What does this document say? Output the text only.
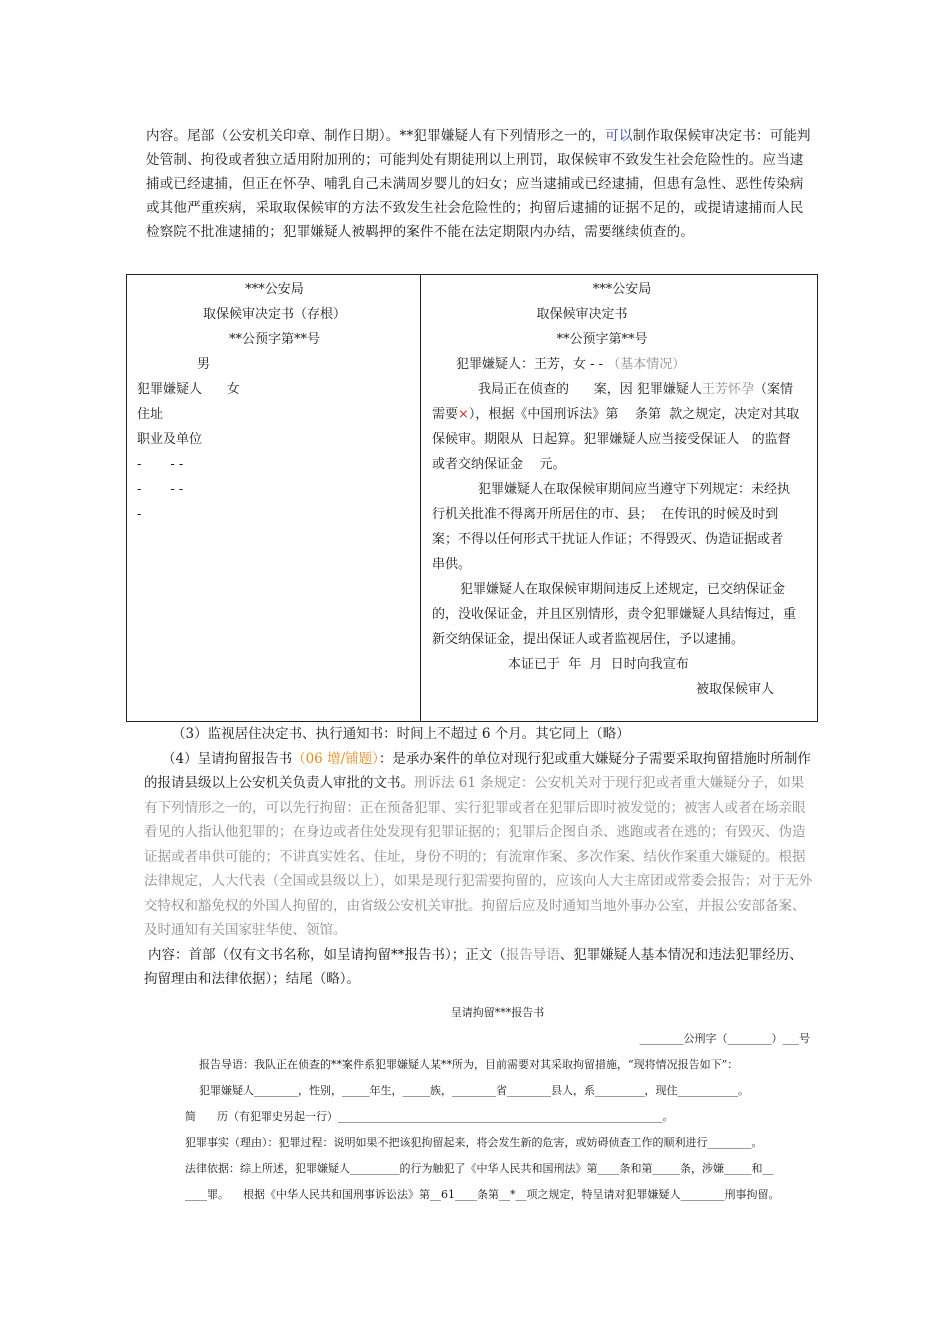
内容。尾部（公安机关印章、制作日期）。**犯罪嫌疑人有下列情形之一的，可以制作取保候审决定书：可能判处管制、拘役或者独立适用附加刑的；可能判处有期徒刑以上刑罚，取保候审不致发生社会危险性的。应当逮捕或已经逮捕，但正在怀孕、哺乳自己未满周岁婴儿的妇女；应当逮捕或已经逮捕，但患有急性、恶性传染病或其他严重疾病，采取取保候审的方法不致发生社会危险性的；拘留后逮捕的证据不足的，或提请逮捕而人民检察院不批准逮捕的；犯罪嫌疑人被羁押的案件不能在法定期限内办结，需要继续侦查的。

***公安局
取保候审决定书（存根）
**公预字第**号
男
犯罪嫌疑人      女
住址
职业及单位
-       - -
-       - -
-
***公安局
取保候审决定书
**公预字第**号
犯罪嫌疑人：王芳，女 - - （基本情况）
我局正在侦查的      案，因 犯罪嫌疑人王芳怀孕（案情
需要×），根据《中国刑诉法》第    条第  款之规定，决定对其取
保候审。期限从  日起算。犯罪嫌疑人应当接受保证人   的监督
或者交纳保证金    元。
犯罪嫌疑人在取保候审期间应当遵守下列规定：未经执
行机关批准不得离开所居住的市、县；  在传讯的时候及时到
案；不得以任何形式干扰证人作证；不得毁灭、伪造证据或者
串供。
犯罪嫌疑人在取保候审期间违反上述规定，已交纳保证金
的，没收保证金，并且区别情形，责令犯罪嫌疑人具结悔过，重
新交纳保证金，提出保证人或者监视居住，予以逮捕。
本证已于  年  月  日时向我宣布
被取保候审人

（3）监视居住决定书、执行通知书：时间上不超过 6 个月。其它同上（略）

（4）呈请拘留报告书（06 增/铺题）：是承办案件的单位对现行犯或重大嫌疑分子需要采取拘留措施时所制作的报请县级以上公安机关负责人审批的文书。刑诉法 61 条规定：公安机关对于现行犯或者重大嫌疑分子，如果有下列情形之一的，可以先行拘留：正在预备犯罪、实行犯罪或者在犯罪后即时被发觉的；被害人或者在场亲眼看见的人指认他犯罪的；在身边或者住处发现有犯罪证据的；犯罪后企图自杀、逃跑或者在逃的；有毁灭、伪造证据或者串供可能的；不讲真实姓名、住址，身份不明的；有流窜作案、多次作案、结伙作案重大嫌疑的。根据法律规定，人大代表（全国或县级以上），如果是现行犯需要拘留的，应该向人大主席团或常委会报告；对于无外交特权和豁免权的外国人拘留的，由省级公安机关审批。拘留后应及时通知当地外事办公室，并报公安部备案、及时通知有关国家驻华使、领馆。

内容：首部（仅有文书名称，如呈请拘留**报告书）；正文（报告导语、犯罪嫌疑人基本情况和违法犯罪经历、拘留理由和法律依据）；结尾（略）。

呈请拘留***报告书

________公刑字（________）___号

报告导语：我队正在侦查的**案件系犯罪嫌疑人某**所为，目前需要对其采取拘留措施，“现将情况报告如下”：

犯罪嫌疑人________，性别，_____年生，_____族，________省________县人，系_________，现住___________。

简      历（有犯罪史另起一行）___________________________________________________________。

犯罪事实（理由）：犯罪过程：说明如果不把该犯拘留起来，将会发生新的危害，或妨碍侦查工作的顺利进行________。

法律依据：综上所述，犯罪嫌疑人_________的行为触犯了《中华人民共和国刑法》第____条和第_____条，涉嫌_____和__

____罪。    根据《中华人民共和国刑事诉讼法》第__61____条第__*__项之规定，特呈请对犯罪嫌疑人________刑事拘留。
